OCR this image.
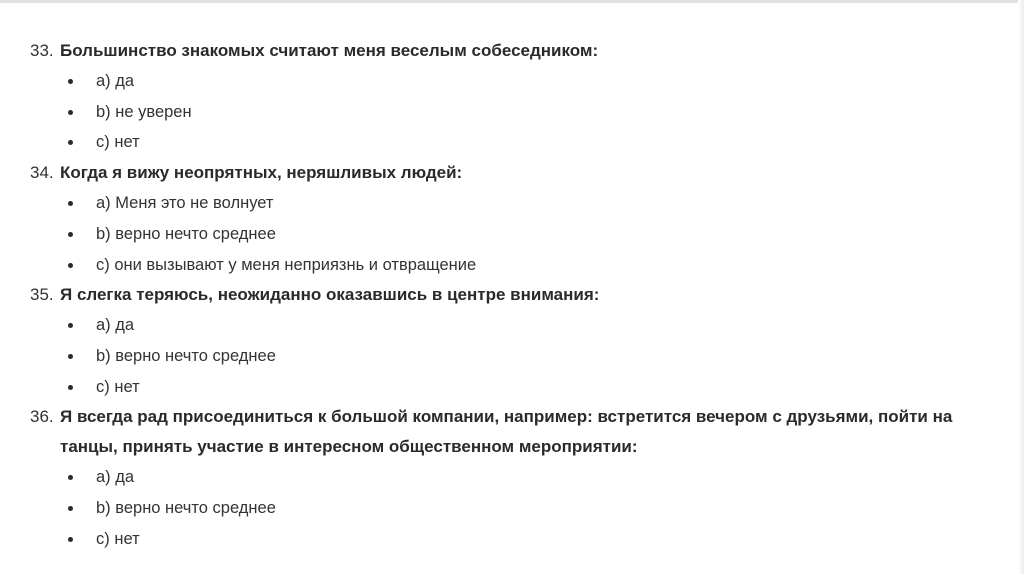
33. Большинство знакомых считают меня веселым собеседником:
a) да
b) не уверен
c) нет
34. Когда я вижу неопрятных, неряшливых людей:
a) Меня это не волнует
b) верно нечто среднее
c) они вызывают у меня неприязнь и отвращение
35. Я слегка теряюсь, неожиданно оказавшись в центре внимания:
a) да
b) верно нечто среднее
c) нет
36. Я всегда рад присоединиться к большой компании, например: встретится вечером с друзьями, пойти на танцы, принять участие в интересном общественном мероприятии:
a) да
b) верно нечто среднее
c) нет
